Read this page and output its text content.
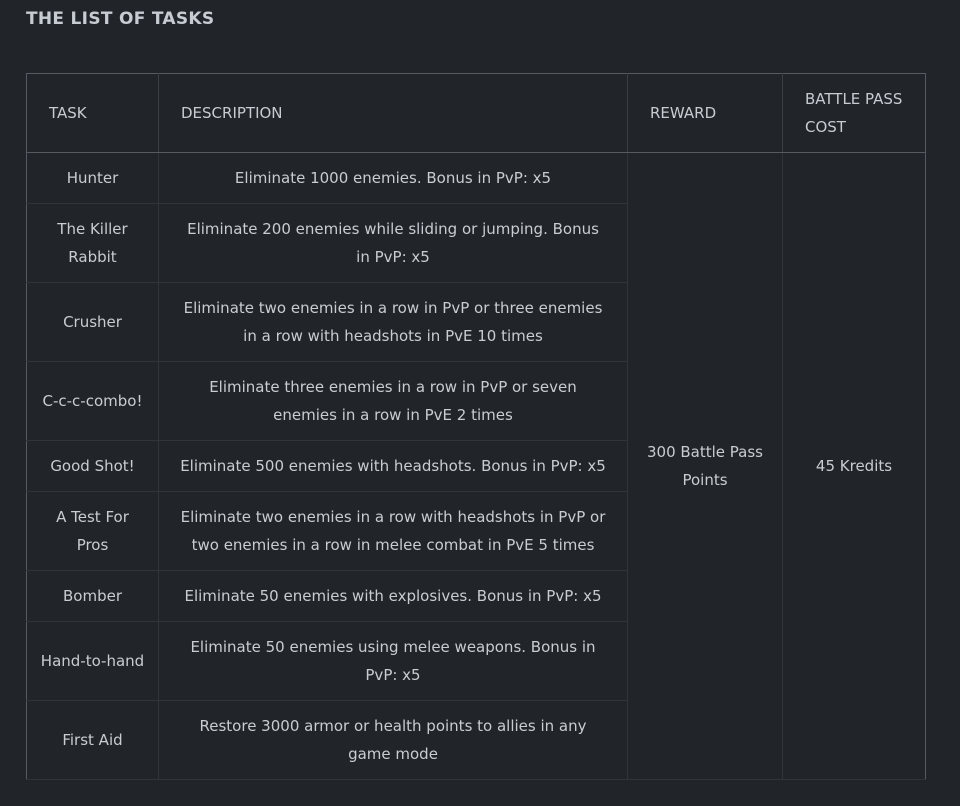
THE LIST OF TASKS
TASK	DESCRIPTION	REWARD	BATTLE PASS COST
Hunter	Eliminate 1000 enemies. Bonus in PvP: x5	300 Battle Pass Points	45 Kredits
The Killer Rabbit	Eliminate 200 enemies while sliding or jumping. Bonus in PvP: x5		
Crusher	Eliminate two enemies in a row in PvP or three enemies in a row with headshots in PvE 10 times		
C-c-c-combo!	Eliminate three enemies in a row in PvP or seven enemies in a row in PvE 2 times		
Good Shot!	Eliminate 500 enemies with headshots. Bonus in PvP: x5		
A Test For Pros	Eliminate two enemies in a row with headshots in PvP or two enemies in a row in melee combat in PvE 5 times		
Bomber	Eliminate 50 enemies with explosives. Bonus in PvP: x5		
Hand-to-hand	Eliminate 50 enemies using melee weapons. Bonus in PvP: x5		
First Aid	Restore 3000 armor or health points to allies in any game mode		
